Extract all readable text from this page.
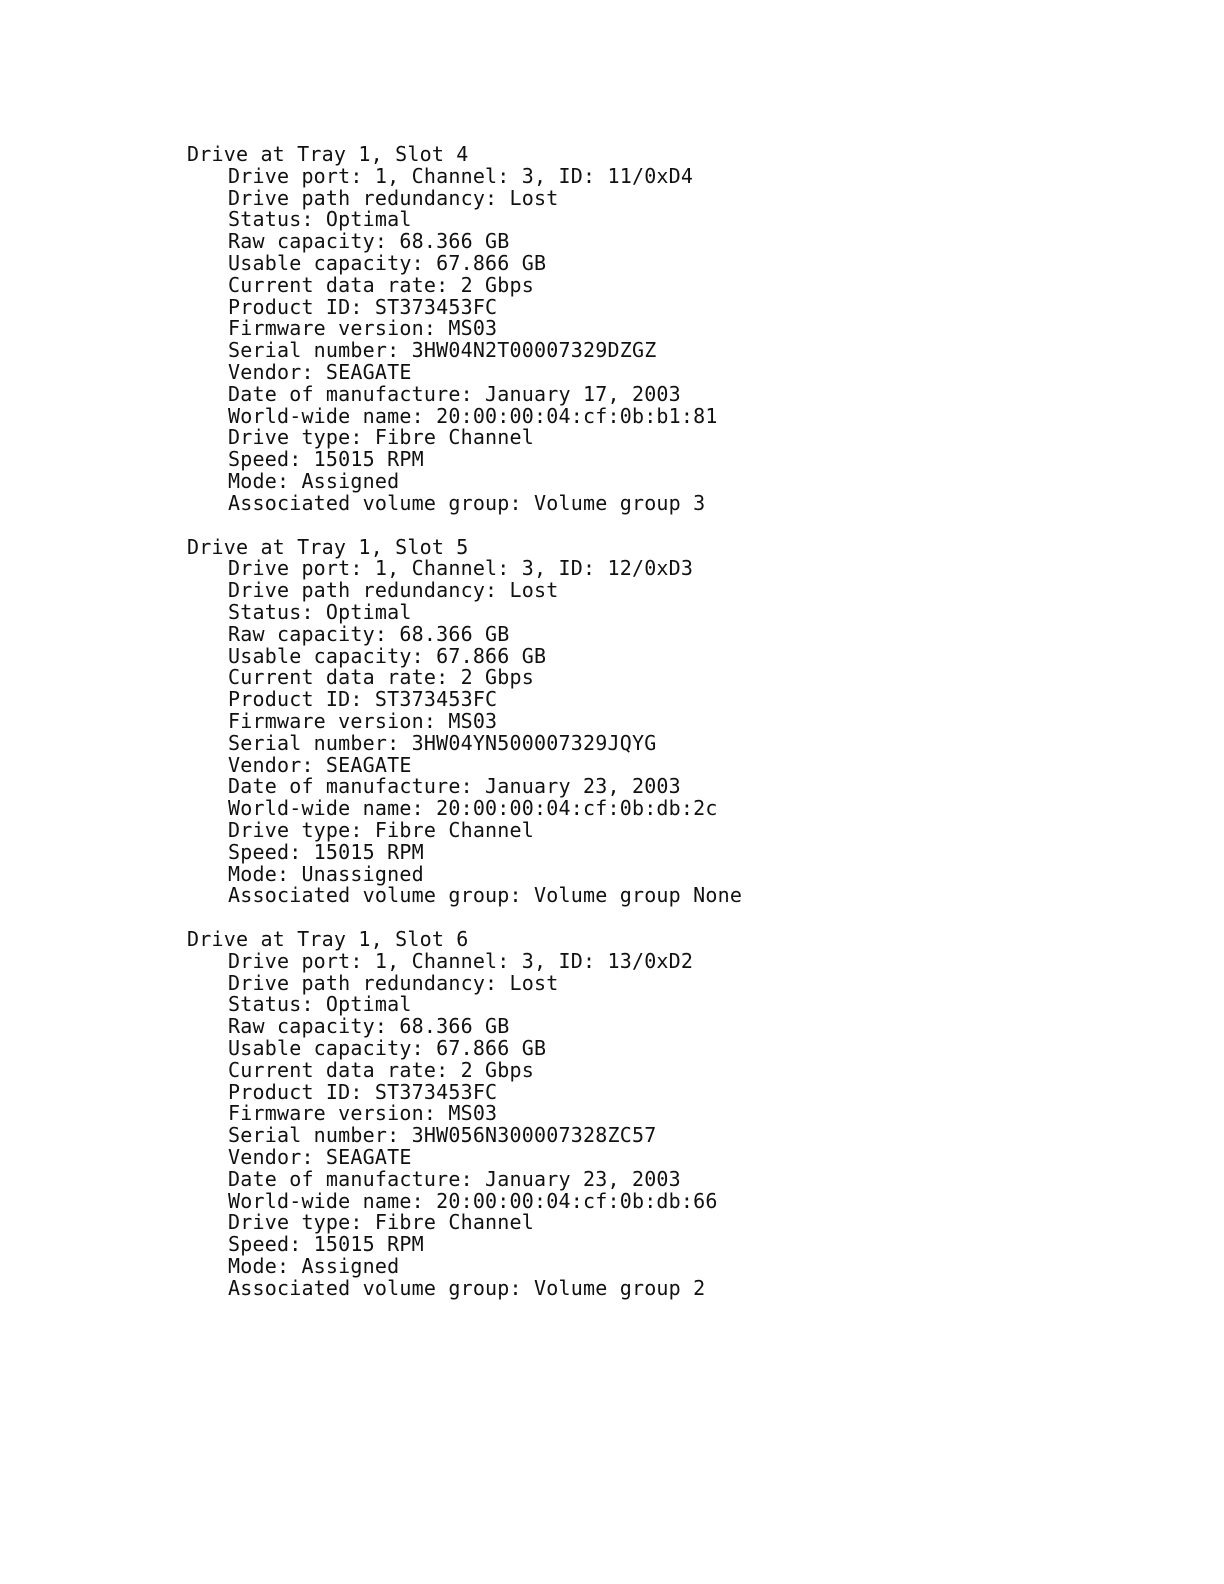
Drive at Tray 1, Slot 4
Drive port: 1, Channel: 3, ID: 11/0xD4
Drive path redundancy: Lost
Status: Optimal
Raw capacity: 68.366 GB
Usable capacity: 67.866 GB
Current data rate: 2 Gbps
Product ID: ST373453FC
Firmware version: MS03
Serial number: 3HW04N2T00007329DZGZ
Vendor: SEAGATE
Date of manufacture: January 17, 2003
World-wide name: 20:00:00:04:cf:0b:b1:81
Drive type: Fibre Channel
Speed: 15015 RPM
Mode: Assigned
Associated volume group: Volume group 3
Drive at Tray 1, Slot 5
Drive port: 1, Channel: 3, ID: 12/0xD3
Drive path redundancy: Lost
Status: Optimal
Raw capacity: 68.366 GB
Usable capacity: 67.866 GB
Current data rate: 2 Gbps
Product ID: ST373453FC
Firmware version: MS03
Serial number: 3HW04YN500007329JQYG
Vendor: SEAGATE
Date of manufacture: January 23, 2003
World-wide name: 20:00:00:04:cf:0b:db:2c
Drive type: Fibre Channel
Speed: 15015 RPM
Mode: Unassigned
Associated volume group: Volume group None
Drive at Tray 1, Slot 6
Drive port: 1, Channel: 3, ID: 13/0xD2
Drive path redundancy: Lost
Status: Optimal
Raw capacity: 68.366 GB
Usable capacity: 67.866 GB
Current data rate: 2 Gbps
Product ID: ST373453FC
Firmware version: MS03
Serial number: 3HW056N300007328ZC57
Vendor: SEAGATE
Date of manufacture: January 23, 2003
World-wide name: 20:00:00:04:cf:0b:db:66
Drive type: Fibre Channel
Speed: 15015 RPM
Mode: Assigned
Associated volume group: Volume group 2
